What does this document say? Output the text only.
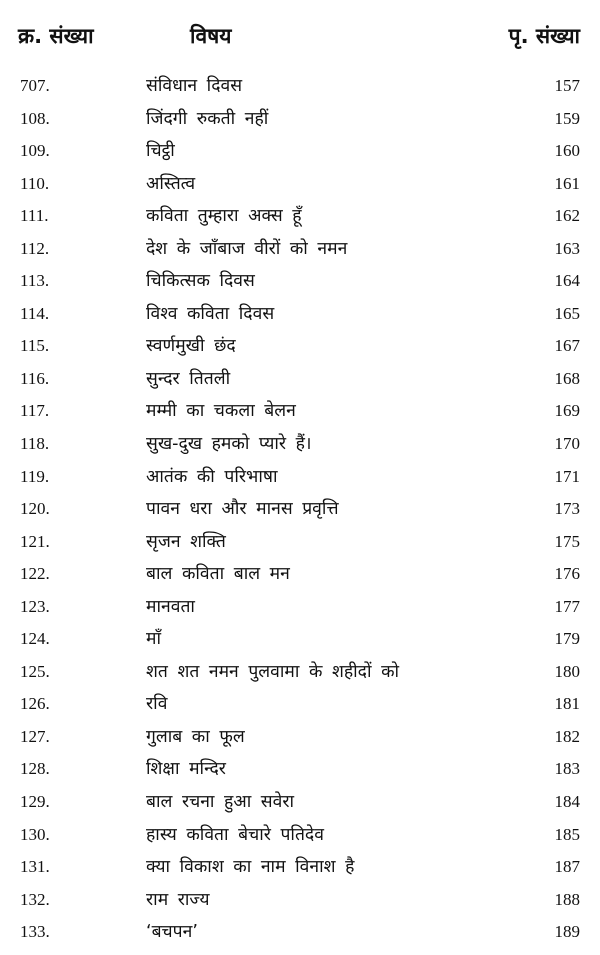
क्र. संख्या	विषय	पृ. संख्या
707.	संविधान दिवस	157
108.	जिंदगी रुकती नहीं	159
109.	चिट्ठी	160
110.	अस्तित्व	161
111.	कविता तुम्हारा अक्स हूँ	162
112.	देश के जाँबाज वीरों को नमन	163
113.	चिकित्सक दिवस	164
114.	विश्व कविता दिवस	165
115.	स्वर्णमुखी छंद	167
116.	सुन्दर तितली	168
117.	मम्मी का चकला बेलन	169
118.	सुख-दुख हमको प्यारे हैं।	170
119.	आतंक की परिभाषा	171
120.	पावन धरा और मानस प्रवृत्ति	173
121.	सृजन शक्ति	175
122.	बाल कविता बाल मन	176
123.	मानवता	177
124.	माँ	179
125.	शत शत नमन पुलवामा के शहीदों को	180
126.	रवि	181
127.	गुलाब का फूल	182
128.	शिक्षा मन्दिर	183
129.	बाल रचना हुआ सवेरा	184
130.	हास्य कविता बेचारे पतिदेव	185
131.	क्या विकाश का नाम विनाश है	187
132.	राम राज्य	188
133.	‘बचपन’	189
